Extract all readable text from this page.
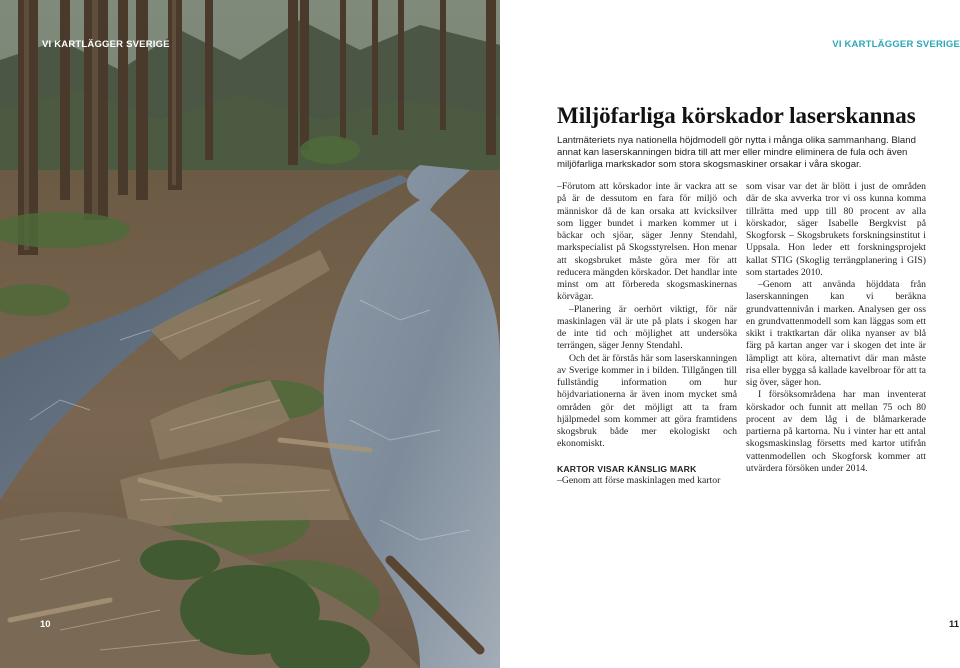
VI KARTLÄGGER SVERIGE
10
VI KARTLÄGGER SVERIGE
Miljöfarliga körskador laserskannas

Lantmäteriets nya nationella höjdmodell gör nytta i många olika sammanhang. Bland annat kan laserskanningen bidra till att mer eller mindre eliminera de fula och även miljöfarliga markskador som stora skogsmaskiner orsakar i våra skogar.

–Förutom att körskador inte är vackra att se på är de dessutom en fara för miljö och människor då de kan orsaka att kvicksilver som ligger bundet i marken kommer ut i bäckar och sjöar, säger Jenny Stendahl, markspecialist på Skogsstyrelsen. Hon menar att skogsbruket måste göra mer för att reducera mängden körskador. Det handlar inte minst om att förbereda skogsmaskinernas körvägar.

–Planering är oerhört viktigt, för när maskinlagen väl är ute på plats i skogen har de inte tid och möjlighet att undersöka terrängen, säger Jenny Stendahl.

Och det är förstås här som laserskanningen av Sverige kommer in i bilden. Tillgången till fullständig information om hur höjdvariationerna är även inom mycket små områden gör det möjligt att ta fram hjälpmedel som kommer att göra framtidens skogsbruk både mer ekologiskt och ekonomiskt.

KARTOR VISAR KÄNSLIG MARK

–Genom att förse maskinlagen med kartor

som visar var det är blött i just de områden där de ska avverka tror vi oss kunna komma tillrätta med upp till 80 procent av alla körskador, säger Isabelle Bergkvist på Skogforsk – Skogsbrukets forskningsinstitut i Uppsala. Hon leder ett forskningsprojekt kallat STIG (Skoglig terrängplanering i GIS) som startades 2010.

–Genom att använda höjddata från laserskanningen kan vi beräkna grundvattennivån i marken. Analysen ger oss en grundvattenmodell som kan läggas som ett skikt i traktkartan där olika nyanser av blå färg på kartan anger var i skogen det inte är lämpligt att köra, alternativt där man måste risa eller bygga så kallade kavelbroar för att ta sig över, säger hon.

I försöksområdena har man inventerat körskador och funnit att mellan 75 och 80 procent av dem låg i de blåmarkerade partierna på kartorna. Nu i vinter har ett antal skogsmaskinslag försetts med kartor utifrån vattenmodellen och Skogforsk kommer att utvärdera försöken under 2014.

11
